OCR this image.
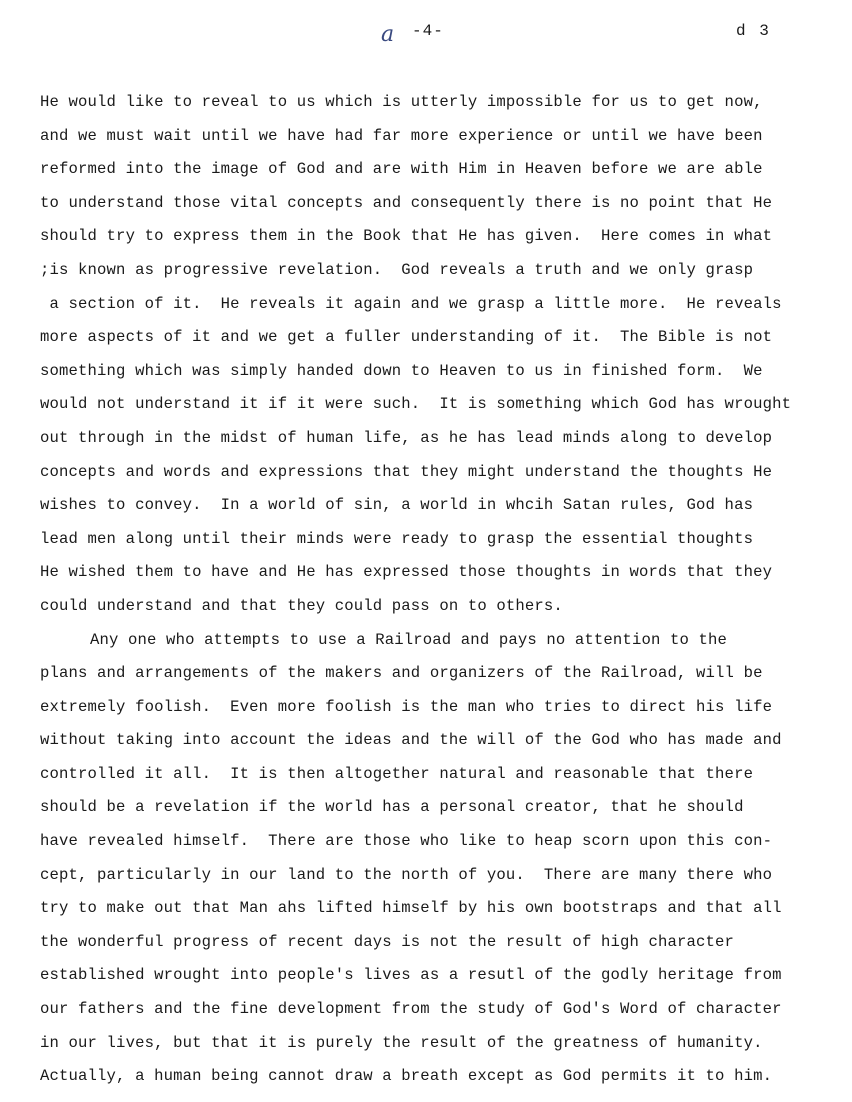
a -4-	d 3
He would like to reveal to us which is utterly impossible for us to get now,
and we must wait until we have had far more experience or until we have been
reformed into the image of God and are with Him in Heaven before we are able
to understand those vital concepts and consequently there is no point that He
should try to express them in the Book that He has given.  Here comes in what
;is known as progressive revelation.  God reveals a truth and we only grasp
a section of it.  He reveals it again and we grasp a little more.  He reveals
more aspects of it and we get a fuller understanding of it.  The Bible is not
something which was simply handed down to Heaven to us in finished form.  We
would not understand it if it were such.  It is something which God has wrought
out through in the midst of human life, as he has lead minds along to develop
concepts and words and expressions that they might understand the thoughts He
wishes to convey.  In a world of sin, a world in whcih Satan rules, God has
lead men along until their minds were ready to grasp the essential thoughts
He wished them to have and He has expressed those thoughts in words that they
could understand and that they could pass on to others.
Any one who attempts to use a Railroad and pays no attention to the
plans and arrangements of the makers and organizers of the Railroad, will be
extremely foolish.  Even more foolish is the man who tries to direct his life
without taking into account the ideas and the will of the God who has made and
controlled it all.  It is then altogether natural and reasonable that there
should be a revelation if the world has a personal creator, that he should
have revealed himself.  There are those who like to heap scorn upon this con-
cept, particularly in our land to the north of you.  There are many there who
try to make out that Man ahs lifted himself by his own bootstraps and that all
the wonderful progress of recent days is not the result of high character
established wrought into people's lives as a resutl of the godly heritage from
our fathers and the fine development from the study of God's Word of character
in our lives, but that it is purely the result of the greatness of humanity.
Actually, a human being cannot draw a breath except as God permits it to him.
